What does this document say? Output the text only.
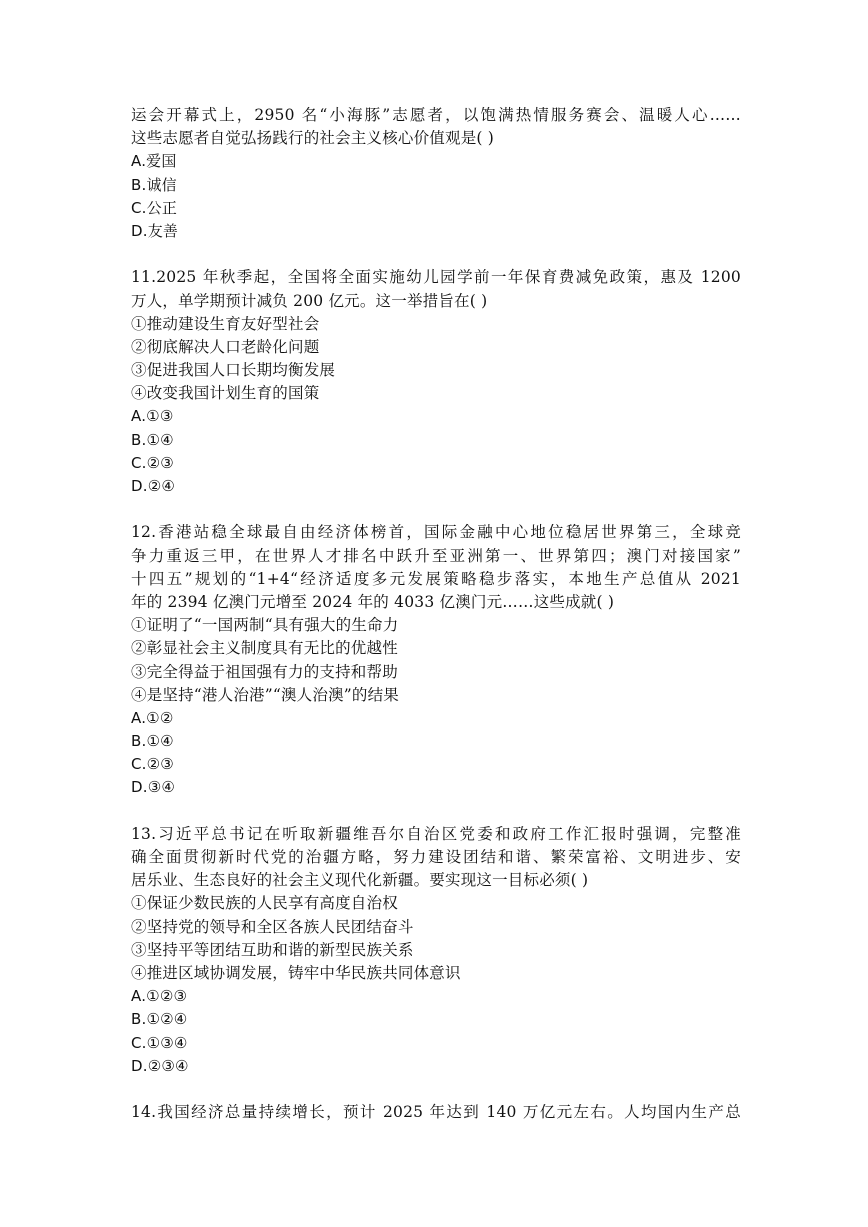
运会开幕式上，2950 名“小海豚”志愿者，以饱满热情服务赛会、温暖人心……
这些志愿者自觉弘扬践行的社会主义核心价值观是( )
A.爱国
B.诚信
C.公正
D.友善
11.2025 年秋季起，全国将全面实施幼儿园学前一年保育费减免政策，惠及 1200
万人，单学期预计减负 200 亿元。这一举措旨在( )
①推动建设生育友好型社会
②彻底解决人口老龄化问题
③促进我国人口长期均衡发展
④改变我国计划生育的国策
A.①③
B.①④
C.②③
D.②④
12.香港站稳全球最自由经济体榜首，国际金融中心地位稳居世界第三，全球竞
争力重返三甲，在世界人才排名中跃升至亚洲第一、世界第四；澳门对接国家”
十四五”规划的“1+4“经济适度多元发展策略稳步落实，本地生产总值从 2021
年的 2394 亿澳门元增至 2024 年的 4033 亿澳门元……这些成就( )
①证明了“一国两制“具有强大的生命力
②彰显社会主义制度具有无比的优越性
③完全得益于祖国强有力的支持和帮助
④是坚持“港人治港”“澳人治澳”的结果
A.①②
B.①④
C.②③
D.③④
13.习近平总书记在听取新疆维吾尔自治区党委和政府工作汇报时强调，完整准
确全面贯彻新时代党的治疆方略，努力建设团结和谐、繁荣富裕、文明进步、安
居乐业、生态良好的社会主义现代化新疆。要实现这一目标必须( )
①保证少数民族的人民享有高度自治权
②坚持党的领导和全区各族人民团结奋斗
③坚持平等团结互助和谐的新型民族关系
④推进区域协调发展，铸牢中华民族共同体意识
A.①②③
B.①②④
C.①③④
D.②③④
14.我国经济总量持续增长，预计 2025 年达到 140 万亿元左右。人均国内生产总
